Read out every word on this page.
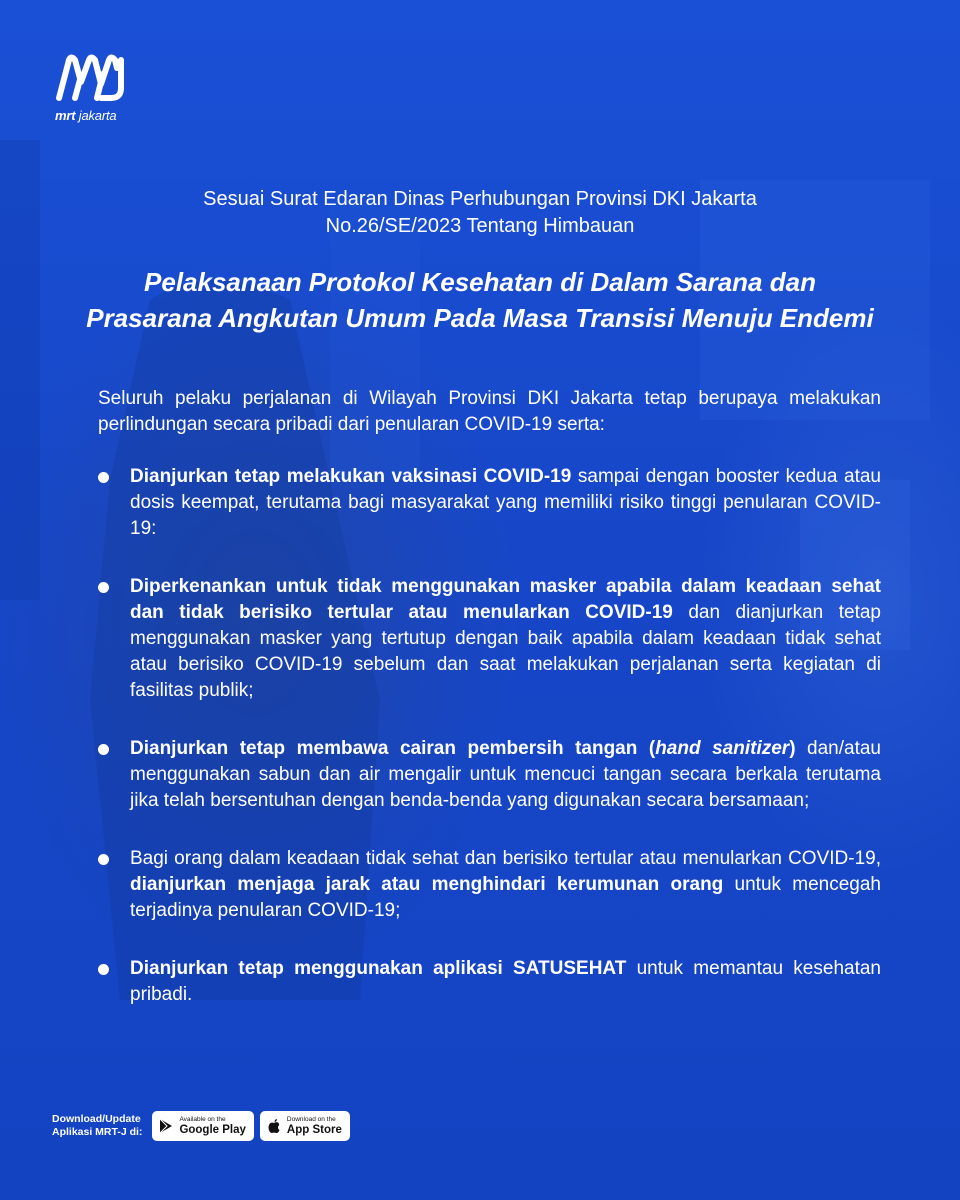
mrt jakarta

Sesuai Surat Edaran Dinas Perhubungan Provinsi DKI Jakarta
No.26/SE/2023 Tentang Himbauan

Pelaksanaan Protokol Kesehatan di Dalam Sarana dan
Prasarana Angkutan Umum Pada Masa Transisi Menuju Endemi

Seluruh pelaku perjalanan di Wilayah Provinsi DKI Jakarta tetap berupaya melakukan perlindungan secara pribadi dari penularan COVID-19 serta:

Dianjurkan tetap melakukan vaksinasi COVID-19 sampai dengan booster kedua atau dosis keempat, terutama bagi masyarakat yang memiliki risiko tinggi penularan COVID-19:
Diperkenankan untuk tidak menggunakan masker apabila dalam keadaan sehat dan tidak berisiko tertular atau menularkan COVID-19 dan dianjurkan tetap menggunakan masker yang tertutup dengan baik apabila dalam keadaan tidak sehat atau berisiko COVID-19 sebelum dan saat melakukan perjalanan serta kegiatan di fasilitas publik;
Dianjurkan tetap membawa cairan pembersih tangan (hand sanitizer) dan/atau menggunakan sabun dan air mengalir untuk mencuci tangan secara berkala terutama jika telah bersentuhan dengan benda-benda yang digunakan secara bersamaan;
Bagi orang dalam keadaan tidak sehat dan berisiko tertular atau menularkan COVID-19, dianjurkan menjaga jarak atau menghindari kerumunan orang untuk mencegah terjadinya penularan COVID-19;
Dianjurkan tetap menggunakan aplikasi SATUSEHAT untuk memantau kesehatan pribadi.
Download/Update
Aplikasi MRT-J di:
Available on the
Google Play
Download on the
App Store
